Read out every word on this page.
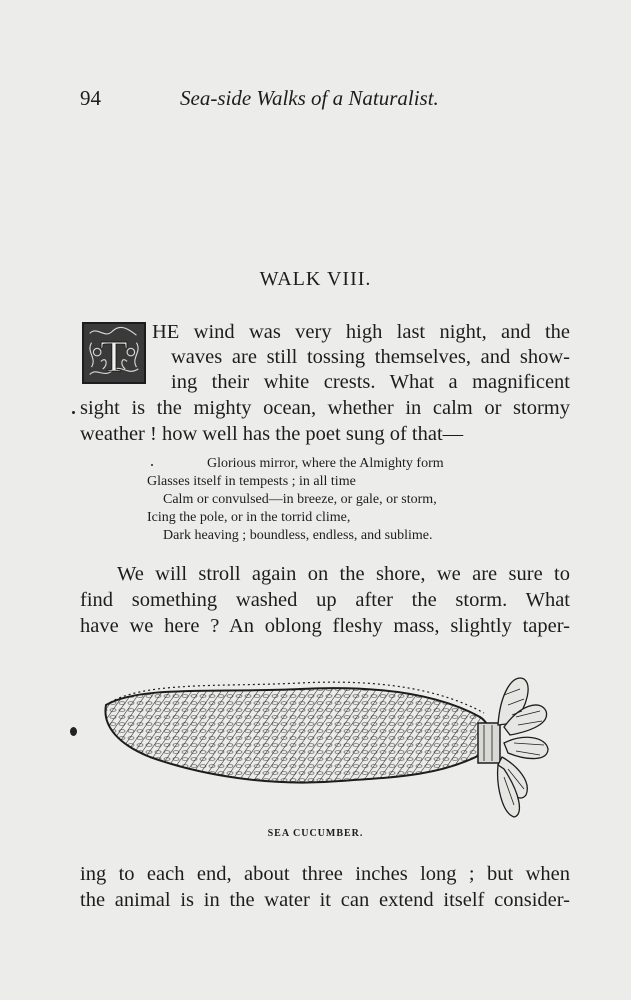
94	Sea-side Walks of a Naturalist.
WALK VIII.
T HE wind was very high last night, and the
waves are still tossing themselves, and show-
ing their white crests. What a magnificent
sight is the mighty ocean, whether in calm or stormy
weather ! how well has the poet sung of that—
Glorious mirror, where the Almighty form
Glasses itself in tempests ; in all time
Calm or convulsed—in breeze, or gale, or storm,
Icing the pole, or in the torrid clime,
Dark heaving ; boundless, endless, and sublime.
We will stroll again on the shore, we are sure to
find something washed up after the storm. What
have we here ? An oblong fleshy mass, slightly taper-
SEA CUCUMBER.
ing to each end, about three inches long ; but when
the animal is in the water it can extend itself consider-
